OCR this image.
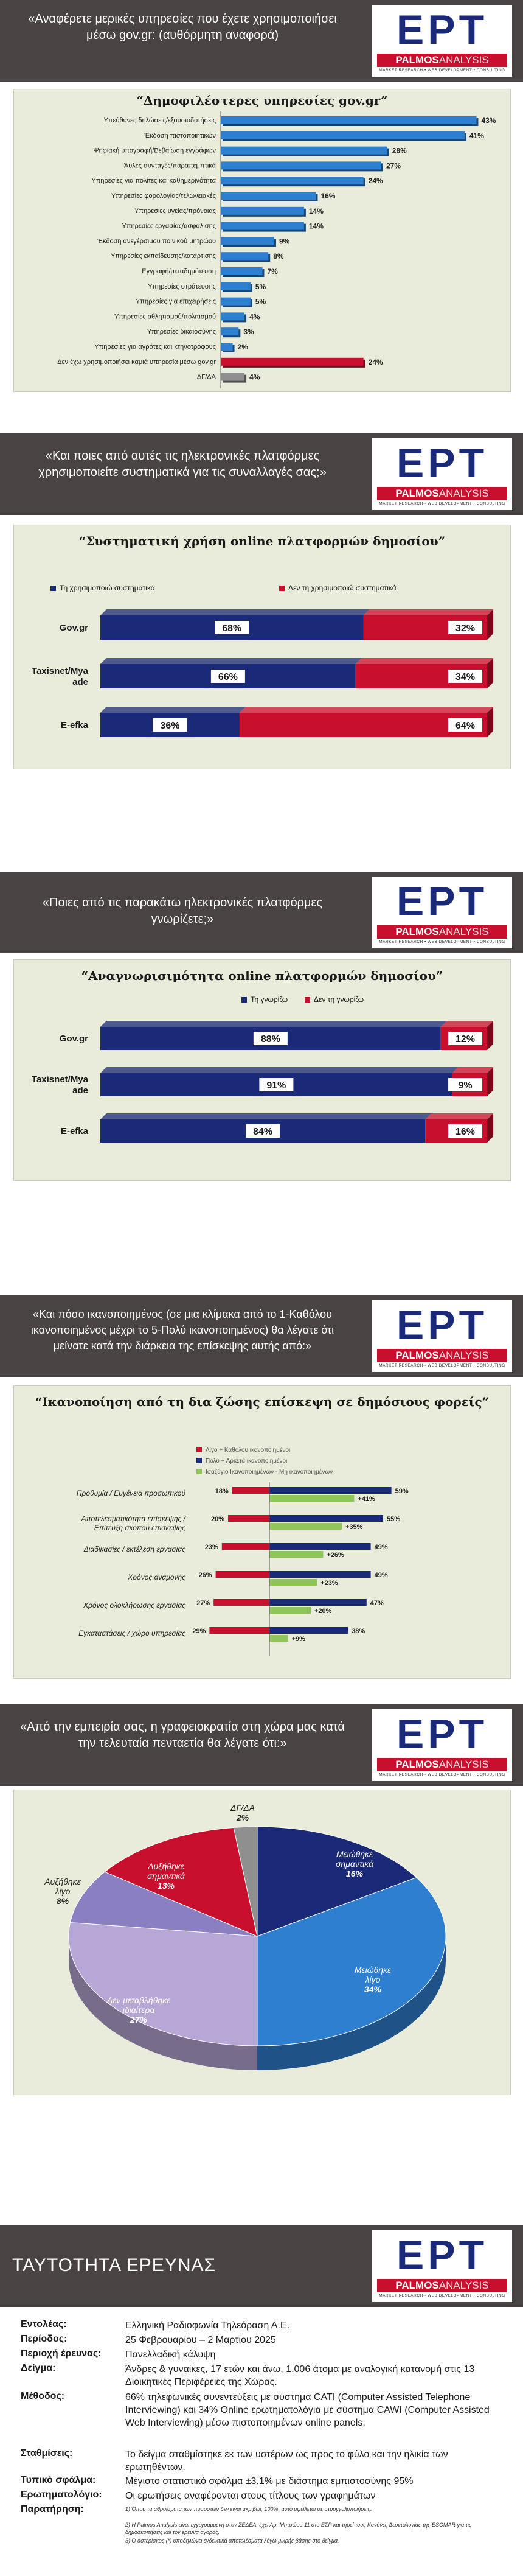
«Αναφέρετε μερικές υπηρεσίες που έχετε χρησιμοποιήσει μέσω gov.gr: (αυθόρμητη αναφορά)	ΕΡΤ
PALMOSANALYSIS
MARKET RESEARCH • WEB DEVELOPMENT • CONSULTING
“Δημοφιλέστερες υπηρεσίες gov.gr”
Υπεύθυνες δηλώσεις/εξουσιοδοτήσεις	43%
Έκδοση πιστοποιητικών	41%
Ψηφιακή υπογραφή/Βεβαίωση εγγράφων	28%
Άυλες συνταγές/παραπεμπτικά	27%
Υπηρεσίες για πολίτες και καθημερινότητα	24%
Υπηρεσίες φορολογίας/τελωνειακές	16%
Υπηρεσίες υγείας/πρόνοιας	14%
Υπηρεσίες εργασίας/ασφάλισης	14%
Έκδοση ανεγέρσιμου ποινικού μητρώου	9%
Υπηρεσίες εκπαίδευσης/κατάρτισης	8%
Εγγραφή/μεταδημότευση	7%
Υπηρεσίες στράτευσης	5%
Υπηρεσίες για επιχειρήσεις	5%
Υπηρεσίες αθλητισμού/πολιτισμού	4%
Υπηρεσίες δικαιοσύνης	3%
Υπηρεσίες για αγρότες και κτηνοτρόφους	2%
Δεν έχω χρησιμοποιήσει καμιά υπηρεσία μέσω gov.gr	24%
ΔΓ/ΔΑ	4%
«Και ποιες από αυτές τις ηλεκτρονικές πλατφόρμες χρησιμοποιείτε συστηματικά για τις συναλλαγές σας;»	ΕΡΤ
PALMOSANALYSIS
MARKET RESEARCH • WEB DEVELOPMENT • CONSULTING
“Συστηματική χρήση online πλατφορμών δημοσίου”
Τη χρησιμοποιώ συστηματικά	Δεν τη χρησιμοποιώ συστηματικά
Gov.gr	68%	32%
Taxisnet/Mya
ade	66%	34%
E-efka	36%	64%
«Ποιες από τις παρακάτω ηλεκτρονικές πλατφόρμες γνωρίζετε;»	ΕΡΤ
PALMOSANALYSIS
MARKET RESEARCH • WEB DEVELOPMENT • CONSULTING
“Αναγνωρισιμότητα online πλατφορμών δημοσίου”
Τη γνωρίζω	Δεν τη γνωρίζω
Gov.gr	88%	12%
Taxisnet/Mya
ade	91%	9%
E-efka	84%	16%
«Και πόσο ικανοποιημένος (σε μια κλίμακα από το 1-Καθόλου ικανοποιημένος μέχρι το 5-Πολύ ικανοποιημένος) θα λέγατε ότι μείνατε κατά την διάρκεια της επίσκεψης αυτής από:»	ΕΡΤ
PALMOSANALYSIS
MARKET RESEARCH • WEB DEVELOPMENT • CONSULTING
“Ικανοποίηση από τη δια ζώσης επίσκεψη σε δημόσιους φορείς”
Λίγο + Καθόλου ικανοποιημένοι
Πολύ + Αρκετά ικανοποιημένοι
Ισαζύγιο Ικανοποιημένων - Μη ικανοποιημένων
Προθυμία / Ευγένεια προσωπικού	18%	59%
+41%
Αποτελεσματικότητα επίσκεψης /
Επίτευξη σκοπού επίσκεψης
20%	55%
+35%
Διαδικασίες / εκτέλεση εργασίας	23%	49%
+26%
Χρόνος αναμονής 26%	49%
+23%
Χρόνος ολοκλήρωσης εργασίας 27%	47%
+20%
Εγκαταστάσεις / χώρο υπηρεσίας 29%	38%
+9%
«Από την εμπειρία σας, η γραφειοκρατία στη χώρα μας κατά την τελευταία πενταετία θα λέγατε ότι:»	ΕΡΤ
PALMOSANALYSIS
MARKET RESEARCH • WEB DEVELOPMENT • CONSULTING
Μειώθηκε
σημαντικά
16%
Μειώθηκε
λίγο
34%
Δεν μεταβλήθηκε
ιδιαίτερα
27%
Αυξήθηκε
λίγο
8%
Αυξήθηκε
σημαντικά
13%
ΔΓ/ΔΑ
2%
ΤΑΥΤΟΤΗΤΑ ΕΡΕΥΝΑΣ	ΕΡΤ
PALMOSANALYSIS
MARKET RESEARCH • WEB DEVELOPMENT • CONSULTING
Εντολέας:	Ελληνική Ραδιοφωνία Τηλεόραση Α.Ε.
Περίοδος:	25 Φεβρουαρίου – 2 Μαρτίου 2025
Περιοχή έρευνας:	Πανελλαδική κάλυψη
Δείγμα:	Άνδρες & γυναίκες, 17 ετών και άνω, 1.006 άτομα με αναλογική κατανομή στις 13 Διοικητικές Περιφέρειες της Χώρας.
Μέθοδος:	66% τηλεφωνικές συνεντεύξεις με σύστημα CATI (Computer Assisted Telephone Interviewing) και 34% Online ερωτηματολόγια με σύστημα CAWI (Computer Assisted Web Interviewing) μέσω πιστοποιημένων online panels.
Σταθμίσεις:	Το δείγμα σταθμίστηκε εκ των υστέρων ως προς το φύλο και την ηλικία των ερωτηθέντων.
Τυπικό σφάλμα:	Μέγιστο στατιστικό σφάλμα ±3.1% με διάστημα εμπιστοσύνης 95%
Ερωτηματολόγιο:	Οι ερωτήσεις αναφέρονται στους τίτλους των γραφημάτων
Παρατήρηση:	1) Όπου τα αθροίσματα των ποσοστών δεν είναι ακριβώς 100%, αυτό οφείλεται σε στρογγυλοποιήσεις.
2) Η Palmos Analysis είναι εγγεγραμμένη στον ΣΕΔΕΑ, έχει Αρ. Μητρώου 11 στο ΕΣΡ και τηρεί τους Κανόνες Δεοντολογίας της ESOMAR για τις δημοσκοπήσεις και τον έρευνα αγοράς.
3) Ο αστερίσκος (*) υποδηλώνει ενδεικτικά αποτελέσματα λόγω μικρής βάσης στο δείγμα.
